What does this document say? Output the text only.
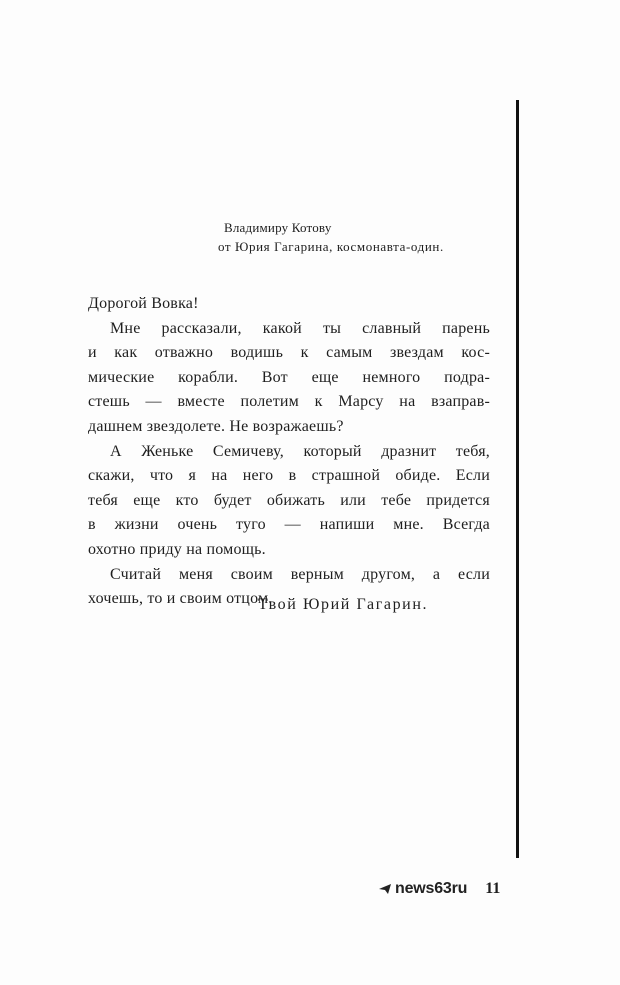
Владимиру Котову
от Юрия Гагарина, космонавта-один.
Дорогой Вовка!
Мне рассказали, какой ты славный парень
и как отважно водишь к самым звездам кос-
мические корабли. Вот еще немного подра-
стешь — вместе полетим к Марсу на взаправ-
дашнем звездолете. Не возражаешь?
А Женьке Семичеву, который дразнит тебя,
скажи, что я на него в страшной обиде. Если
тебя еще кто будет обижать или тебе придется
в жизни очень туго — напиши мне. Всегда
охотно приду на помощь.
Считай меня своим верным другом, а если
хочешь, то и своим отцом.
Твой Юрий Гагарин.
news63ru 11
